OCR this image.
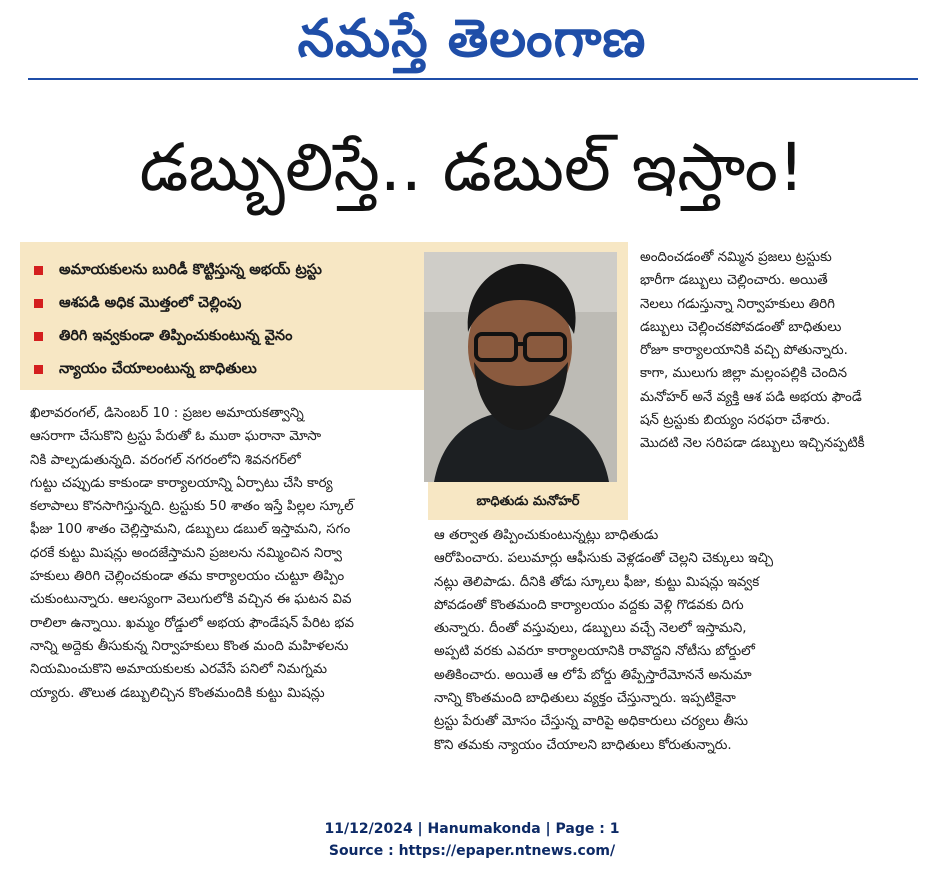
నమస్తే తెలంగాణ
డబ్బులిస్తే.. డబుల్ ఇస్తాం!
అమాయకులను బురిడీ కొట్టిస్తున్న అభయ్ ట్రస్టు
ఆశపడి అధిక మొత్తంలో చెల్లింపు
తిరిగి ఇవ్వకుండా తిప్పించుకుంటున్న వైనం
న్యాయం చేయాలంటున్న బాధితులు
బాధితుడు మనోహర్

ఖిలావరంగల్, డిసెంబర్ 10 : ప్రజల అమాయకత్వాన్ని

ఆసరాగా చేసుకొని ట్రస్టు పేరుతో ఓ ముఠా ఘరానా మోసా

నికి పాల్పడుతున్నది. వరంగల్ నగరంలోని శివనగర్‌లో

గుట్టు చప్పుడు కాకుండా కార్యాలయాన్ని ఏర్పాటు చేసి కార్య

కలాపాలు కొనసాగిస్తున్నది. ట్రస్టుకు 50 శాతం ఇస్తే పిల్లల స్కూల్

ఫీజు 100 శాతం చెల్లిస్తామని, డబ్బులు డబుల్ ఇస్తామని, సగం

ధరకే కుట్టు మిషన్లు అందజేస్తామని ప్రజలను నమ్మించిన నిర్వా

హకులు తిరిగి చెల్లించకుండా తమ కార్యాలయం చుట్టూ తిప్పిం

చుకుంటున్నారు. ఆలస్యంగా వెలుగులోకి వచ్చిన ఈ ఘటన వివ

రాలిలా ఉన్నాయి. ఖమ్మం రోడ్డులో అభయ ఫౌండేషన్ పేరిట భవ

నాన్ని అద్దెకు తీసుకున్న నిర్వాహకులు కొంత మంది మహిళలను

నియమించుకొని అమాయకులకు ఎరవేసే పనిలో నిమగ్నమ

య్యారు. తొలుత డబ్బులిచ్చిన కొంతమందికి కుట్టు మిషన్లు

అందించడంతో నమ్మిన ప్రజలు ట్రస్టుకు

భారీగా డబ్బులు చెల్లించారు. అయితే

నెలలు గడుస్తున్నా నిర్వాహకులు తిరిగి

డబ్బులు చెల్లించకపోవడంతో బాధితులు

రోజూ కార్యాలయానికి వచ్చి పోతున్నారు.

కాగా, ములుగు జిల్లా మల్లంపల్లికి చెందిన

మనోహర్ అనే వ్యక్తి ఆశ పడి అభయ ఫౌండే

షన్ ట్రస్టుకు బియ్యం సరఫరా చేశారు.

మొదటి నెల సరిపడా డబ్బులు ఇచ్చినప్పటికీ

ఆ తర్వాత తిప్పించుకుంటున్నట్లు బాధితుడు

ఆరోపించారు. పలుమార్లు ఆఫీసుకు వెళ్లడంతో చెల్లని చెక్కులు ఇచ్చి

నట్లు తెలిపాడు. దీనికి తోడు స్కూలు ఫీజు, కుట్టు మిషన్లు ఇవ్వక

పోవడంతో కొంతమంది కార్యాలయం వద్దకు వెళ్లి గొడవకు దిగు

తున్నారు. దీంతో వస్తువులు, డబ్బులు వచ్చే నెలలో ఇస్తామని,

అప్పటి వరకు ఎవరూ కార్యాలయానికి రావొద్దని నోటీసు బోర్డులో

అతికించారు. అయితే ఆ లోపే బోర్డు తిప్పేస్తారేమోననే అనుమా

నాన్ని కొంతమంది బాధితులు వ్యక్తం చేస్తున్నారు. ఇప్పటికైనా

ట్రస్టు పేరుతో మోసం చేస్తున్న వారిపై అధికారులు చర్యలు తీసు

కొని తమకు న్యాయం చేయాలని బాధితులు కోరుతున్నారు.

11/12/2024 | Hanumakonda | Page : 1
Source : https://epaper.ntnews.com/
